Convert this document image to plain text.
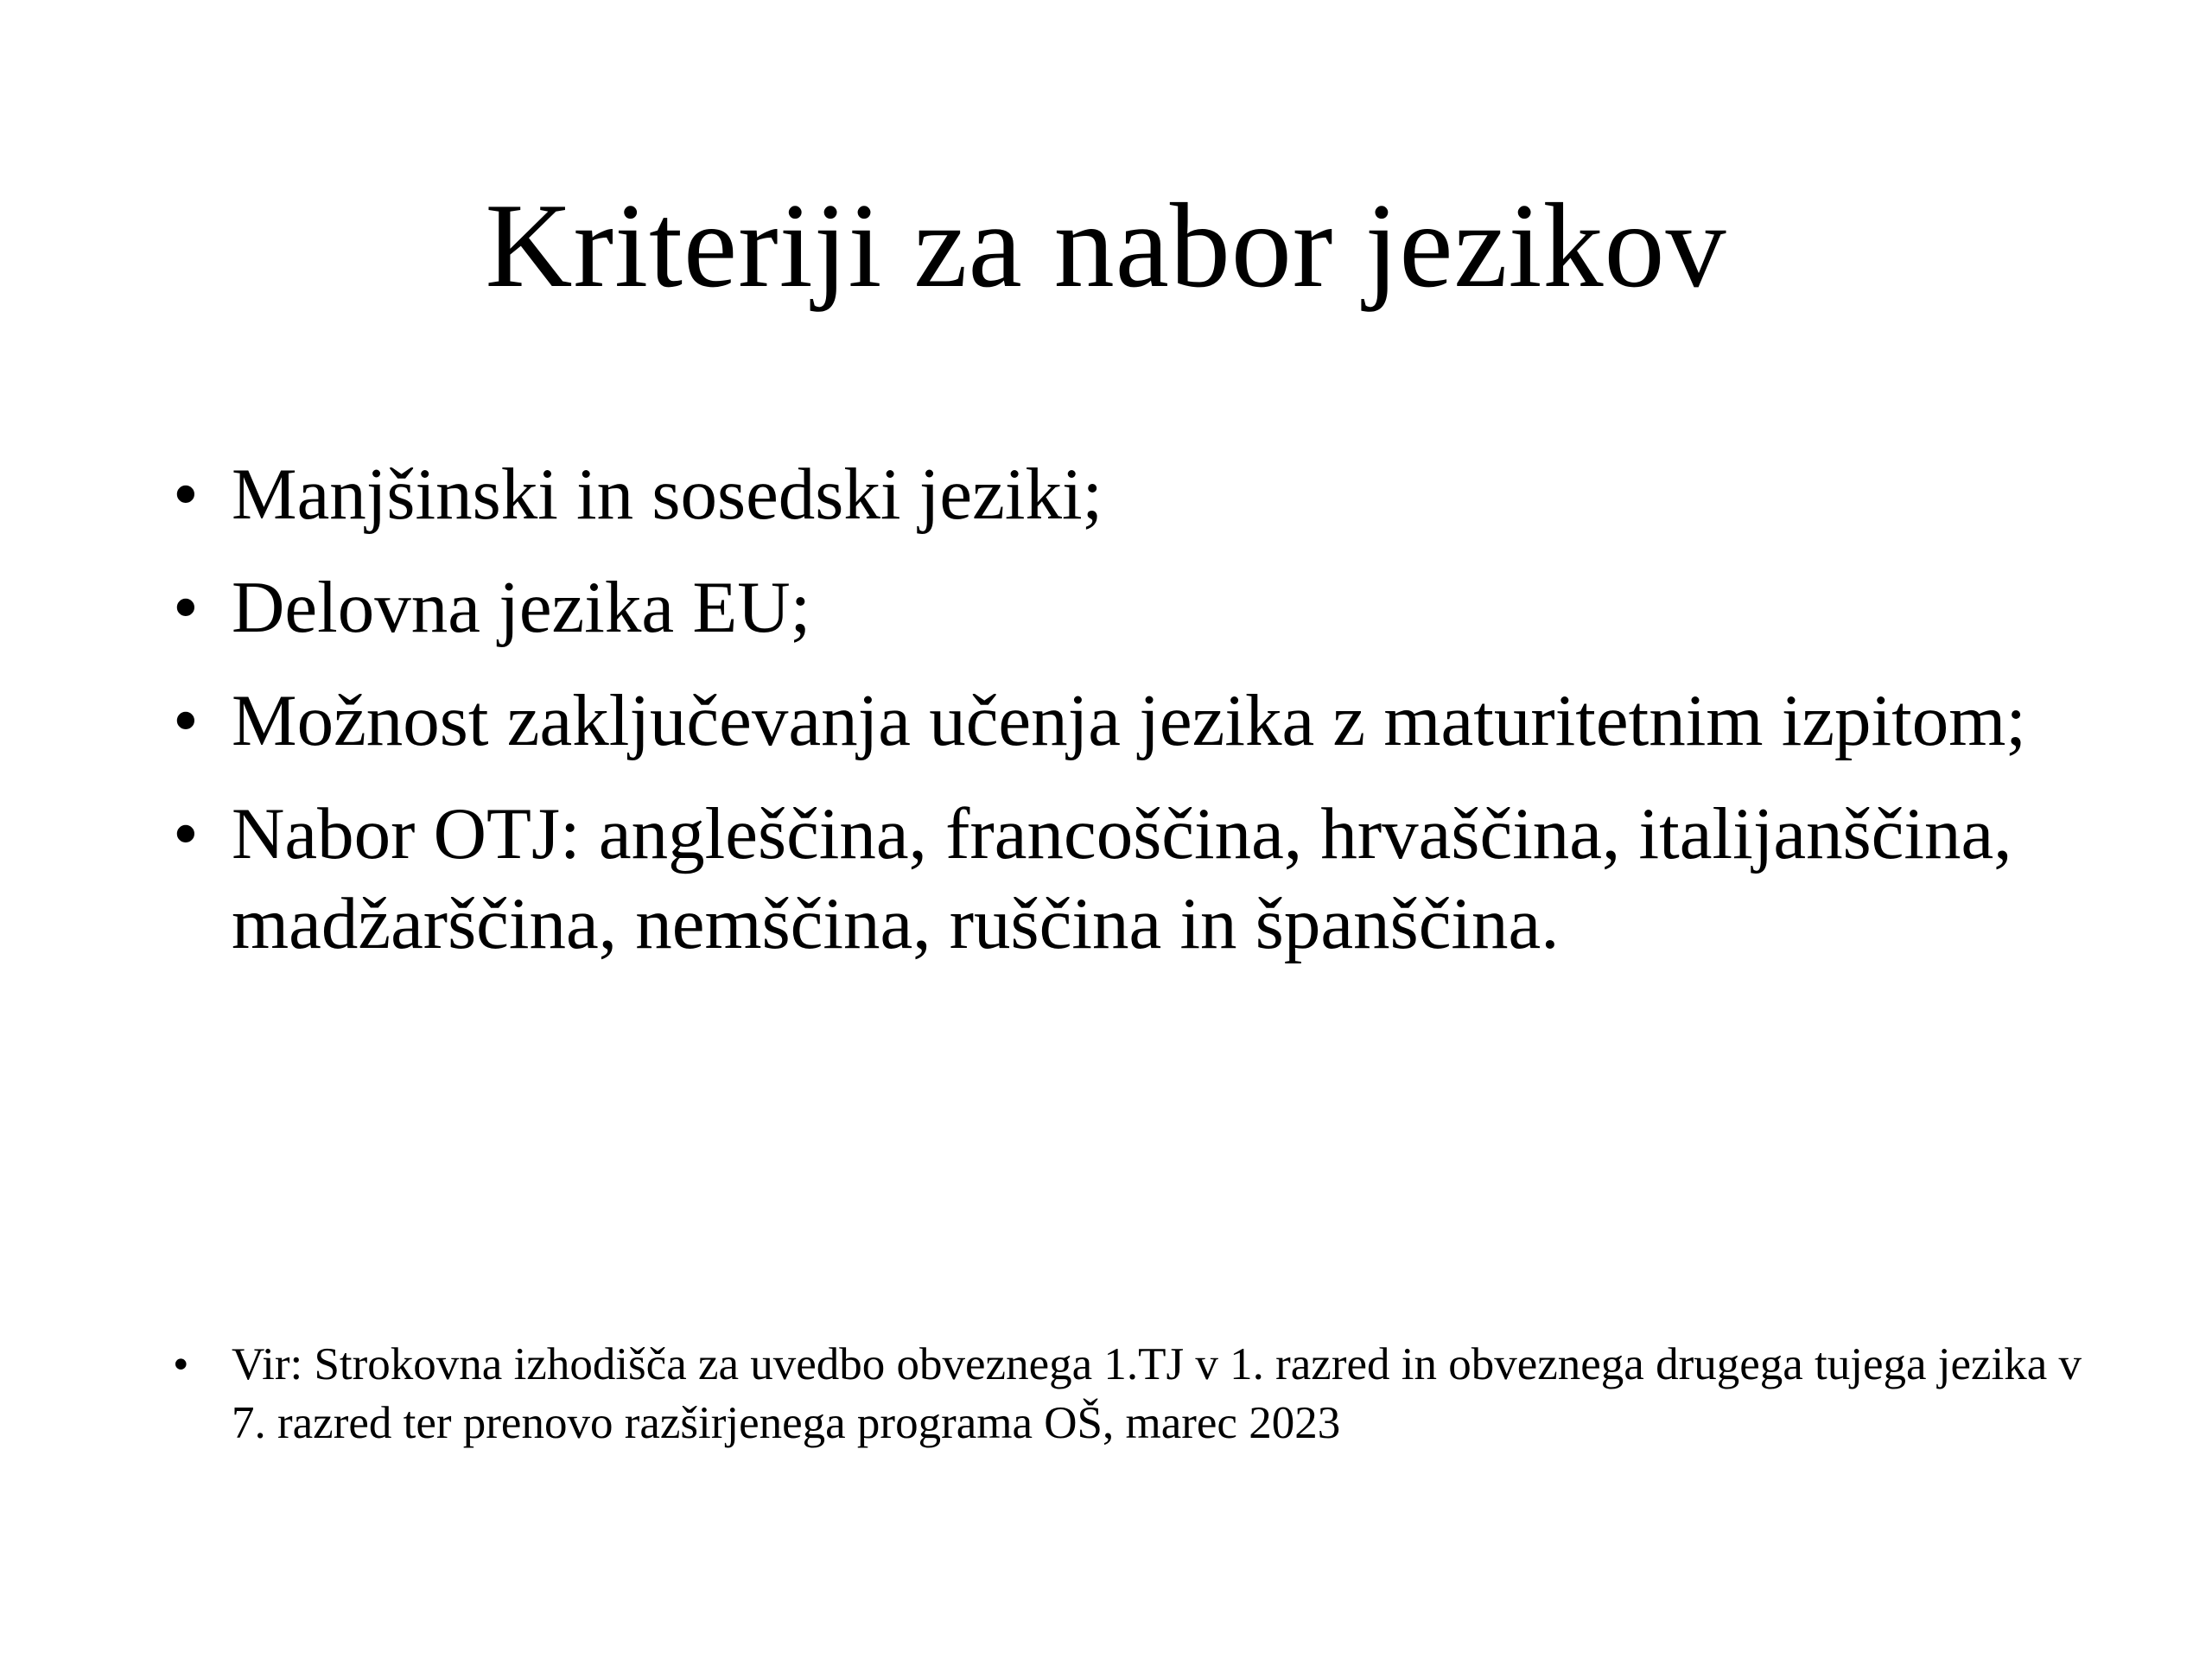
Kriteriji za nabor jezikov
• Manjšinski in sosedski jeziki;
• Delovna jezika EU;
• Možnost zaključevanja učenja jezika z maturitetnim izpitom;
• Nabor OTJ: angleščina, francoščina, hrvaščina, italijanščina, madžarščina, nemščina, ruščina in španščina.
• Vir: Strokovna izhodišča za uvedbo obveznega 1.TJ v 1. razred in obveznega drugega tujega jezika v 7. razred ter prenovo razširjenega programa OŠ, marec 2023
